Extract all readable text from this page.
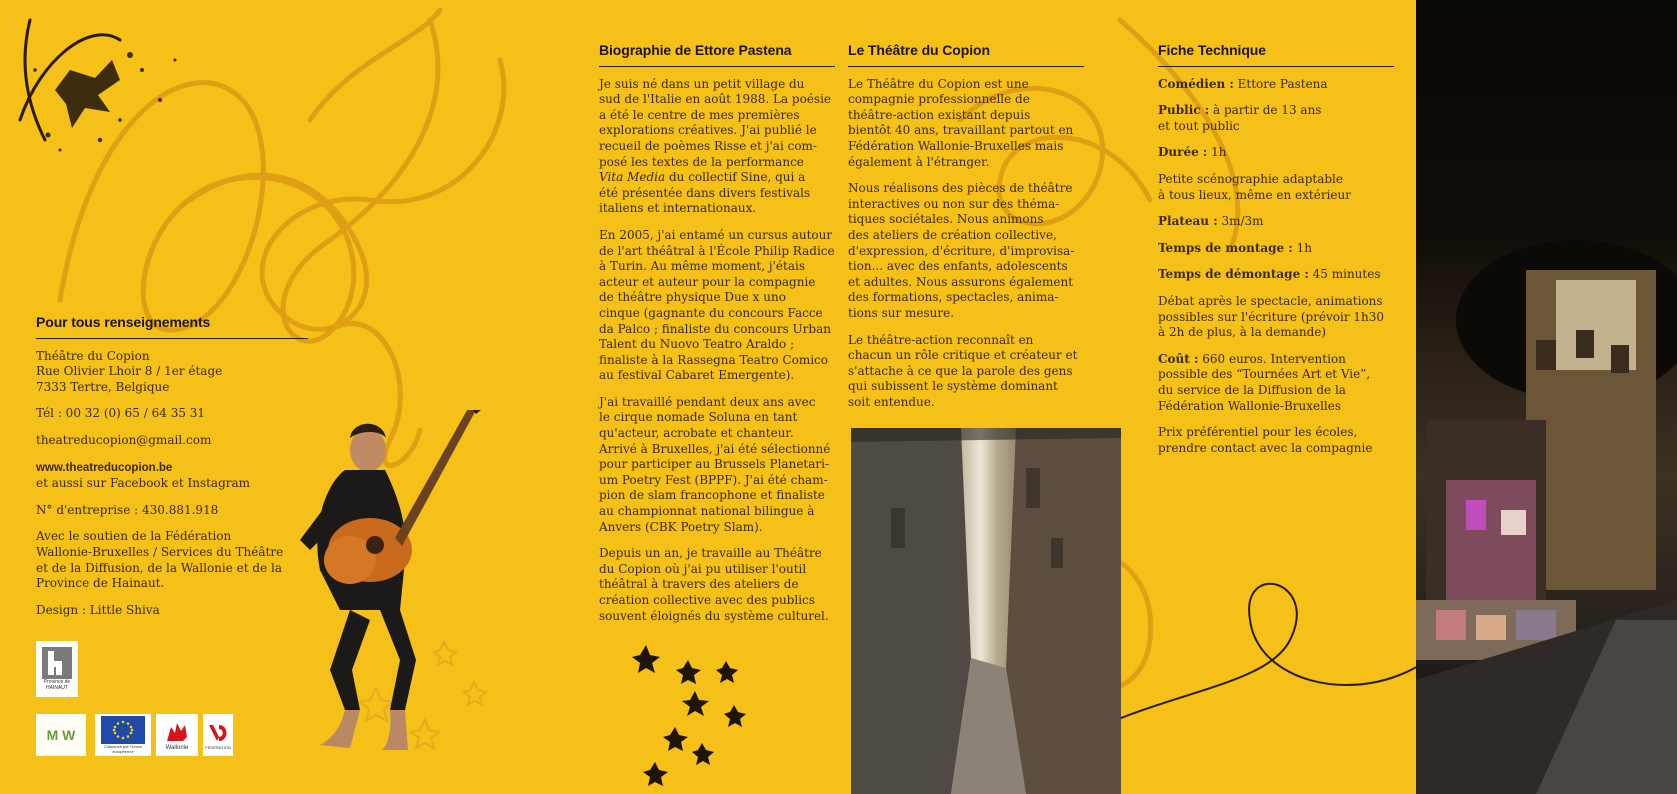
Pour tous renseignements

Théâtre du Copion
Rue Olivier Lhoir 8 / 1er étage
7333 Tertre, Belgique

Tél : 00 32 (0) 65 / 64 35 31

theatreducopion@gmail.com

www.theatreducopion.be
et aussi sur Facebook et Instagram

N° d'entreprise : 430.881.918

Avec le soutien de la Fédération
Wallonie-Bruxelles / Services du Théâtre
et de la Diffusion, de la Wallonie et de la
Province de Hainaut.

Design : Little Shiva

Province de HAINAUT
M W
Cofinancé par l'Union européenne
Wallonie	FÉDÉRATION
Biographie de Ettore Pastena

Je suis né dans un petit village du
sud de l'Italie en août 1988. La poésie
a été le centre de mes premières
explorations créatives. J'ai publié le
recueil de poèmes Risse et j'ai com-
posé les textes de la performance
Vita Media du collectif Sine, qui a
été présentée dans divers festivals
italiens et internationaux.

En 2005, j'ai entamé un cursus autour
de l'art théâtral à l'École Philip Radice
à Turin. Au même moment, j'étais
acteur et auteur pour la compagnie
de théâtre physique Due x uno
cinque (gagnante du concours Facce
da Palco ; finaliste du concours Urban
Talent du Nuovo Teatro Araldo ;
finaliste à la Rassegna Teatro Comico
au festival Cabaret Emergente).

J'ai travaillé pendant deux ans avec
le cirque nomade Soluna en tant
qu'acteur, acrobate et chanteur.
Arrivé à Bruxelles, j'ai été sélectionné
pour participer au Brussels Planetari-
um Poetry Fest (BPPF). J'ai été cham-
pion de slam francophone et finaliste
au championnat national bilingue à
Anvers (CBK Poetry Slam).

Depuis un an, je travaille au Théâtre
du Copion où j'ai pu utiliser l'outil
théâtral à travers des ateliers de
création collective avec des publics
souvent éloignés du système culturel.

Le Théâtre du Copion

Le Théâtre du Copion est une
compagnie professionnelle de
théâtre-action existant depuis
bientôt 40 ans, travaillant partout en
Fédération Wallonie-Bruxelles mais
également à l'étranger.

Nous réalisons des pièces de théâtre
interactives ou non sur des théma-
tiques sociétales. Nous animons
des ateliers de création collective,
d'expression, d'écriture, d'improvisa-
tion... avec des enfants, adolescents
et adultes. Nous assurons également
des formations, spectacles, anima-
tions sur mesure.

Le théâtre-action reconnaît en
chacun un rôle critique et créateur et
s'attache à ce que la parole des gens
qui subissent le système dominant
soit entendue.

Fiche Technique

Comédien : Ettore Pastena

Public : à partir de 13 ans
et tout public

Durée : 1h

Petite scénographie adaptable
à tous lieux, même en extérieur

Plateau : 3m/3m

Temps de montage : 1h

Temps de démontage : 45 minutes

Débat après le spectacle, animations
possibles sur l'écriture (prévoir 1h30
à 2h de plus, à la demande)

Coût : 660 euros. Intervention
possible des “Tournées Art et Vie”,
du service de la Diffusion de la
Fédération Wallonie-Bruxelles

Prix préférentiel pour les écoles,
prendre contact avec la compagnie
